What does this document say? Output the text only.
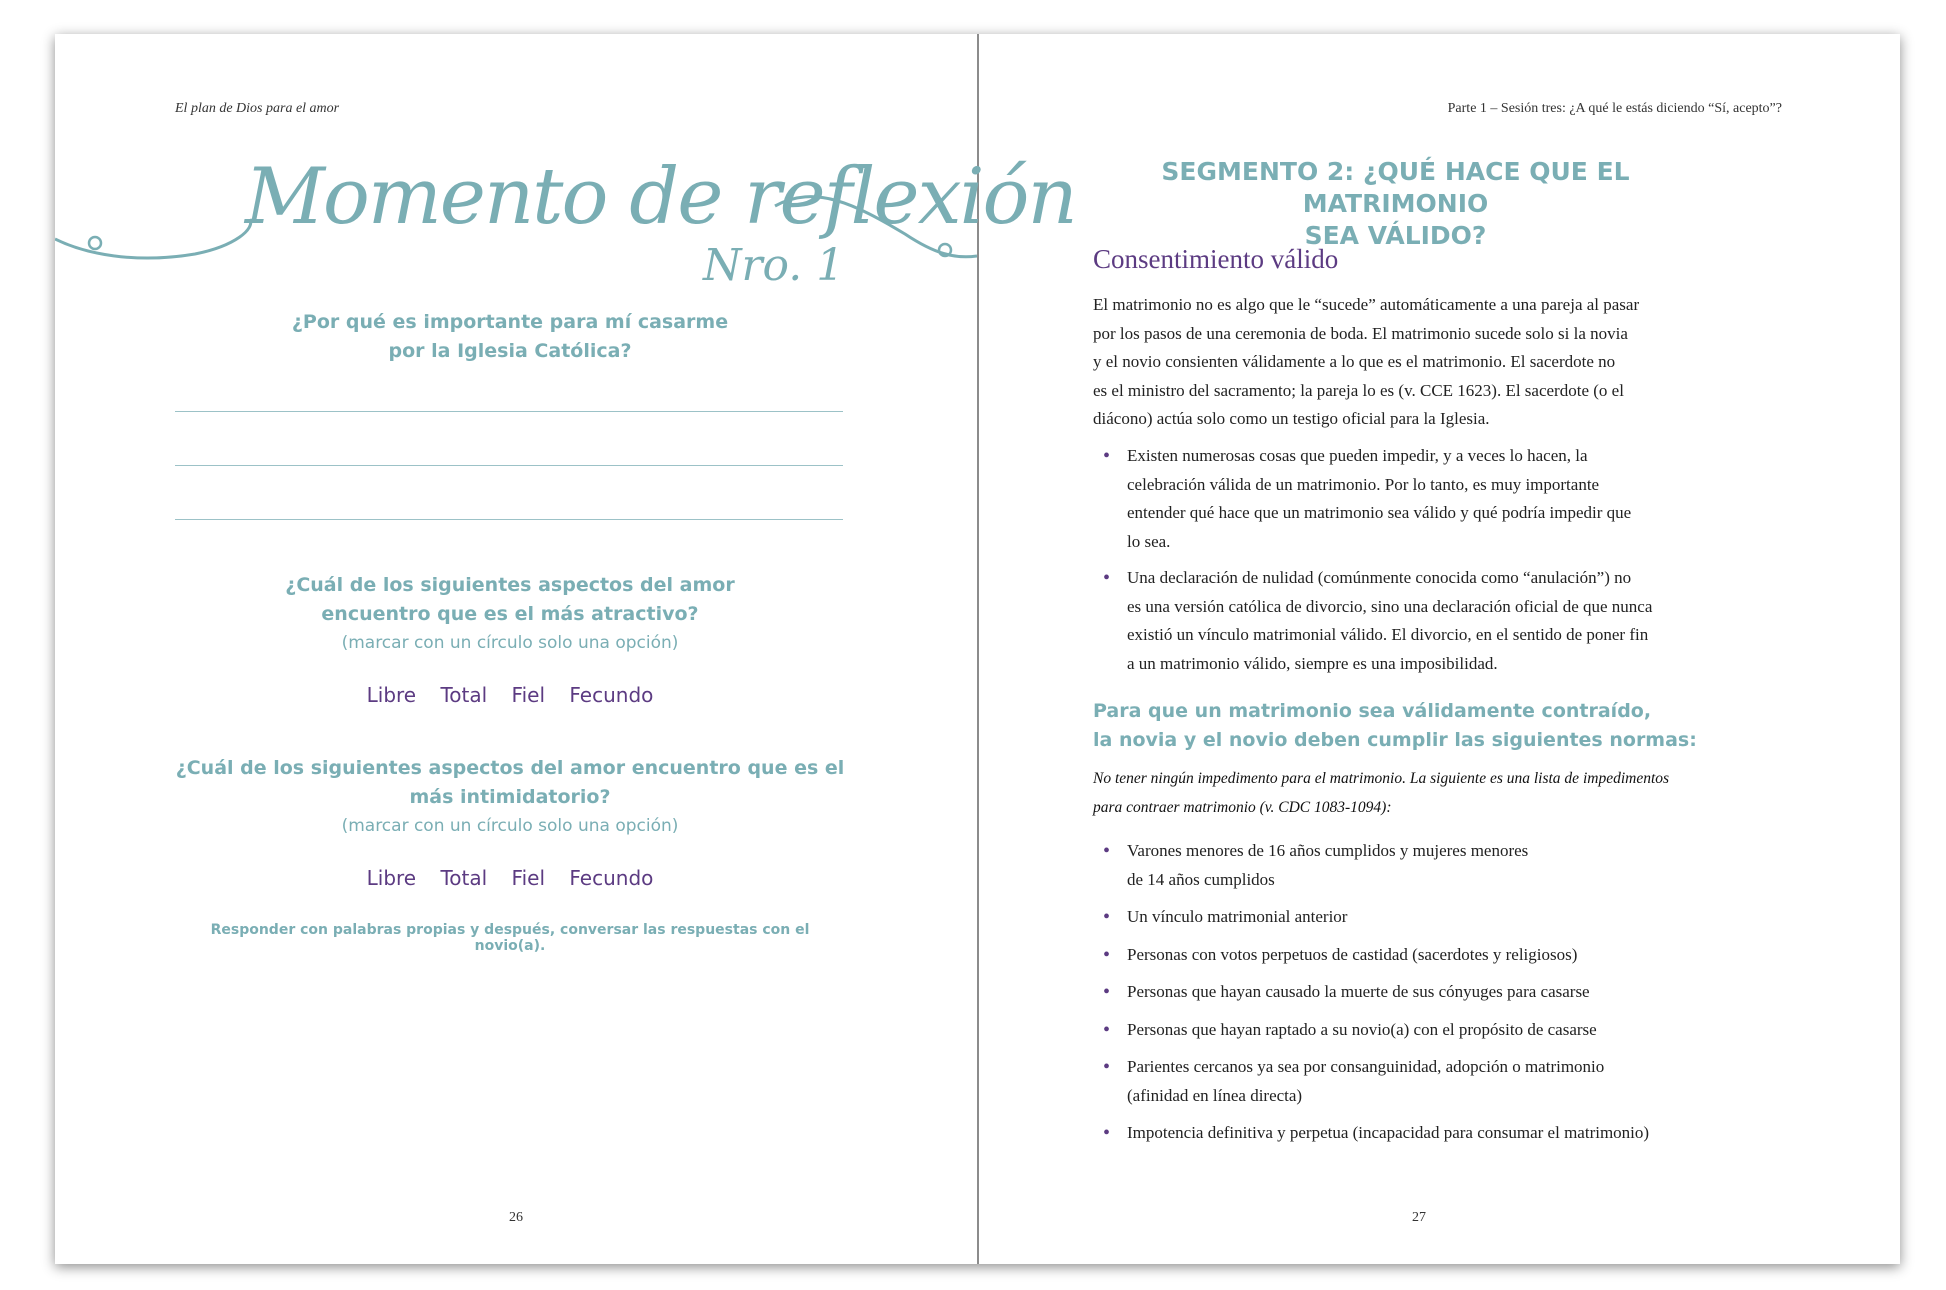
El plan de Dios para el amor
Momento de reflexión
Nro. 1
¿Por qué es importante para mí casarme
por la Iglesia Católica?
¿Cuál de los siguientes aspectos del amor
encuentro que es el más atractivo?
(marcar con un círculo solo una opción)
Libre Total Fiel Fecundo
¿Cuál de los siguientes aspectos del amor encuentro que es el
más intimidatorio?
(marcar con un círculo solo una opción)
Libre Total Fiel Fecundo
Responder con palabras propias y después, conversar las respuestas con el novio(a).
26
Parte 1 – Sesión tres: ¿A qué le estás diciendo “Sí, acepto”?
SEGMENTO 2: ¿QUÉ HACE QUE EL MATRIMONIO
SEA VÁLIDO?
Consentimiento válido
El matrimonio no es algo que le “sucede” automáticamente a una pareja al pasar
por los pasos de una ceremonia de boda. El matrimonio sucede solo si la novia
y el novio consienten válidamente a lo que es el matrimonio. El sacerdote no
es el ministro del sacramento; la pareja lo es (v. CCE 1623). El sacerdote (o el
diácono) actúa solo como un testigo oficial para la Iglesia.
• Existen numerosas cosas que pueden impedir, y a veces lo hacen, la
celebración válida de un matrimonio. Por lo tanto, es muy importante
entender qué hace que un matrimonio sea válido y qué podría impedir que
lo sea.
• Una declaración de nulidad (comúnmente conocida como “anulación”) no
es una versión católica de divorcio, sino una declaración oficial de que nunca
existió un vínculo matrimonial válido. El divorcio, en el sentido de poner fin
a un matrimonio válido, siempre es una imposibilidad.
Para que un matrimonio sea válidamente contraído,
la novia y el novio deben cumplir las siguientes normas:
No tener ningún impedimento para el matrimonio. La siguiente es una lista de impedimentos
para contraer matrimonio (v. CDC 1083-1094):
• Varones menores de 16 años cumplidos y mujeres menores
de 14 años cumplidos
• Un vínculo matrimonial anterior
• Personas con votos perpetuos de castidad (sacerdotes y religiosos)
• Personas que hayan causado la muerte de sus cónyuges para casarse
• Personas que hayan raptado a su novio(a) con el propósito de casarse
• Parientes cercanos ya sea por consanguinidad, adopción o matrimonio
(afinidad en línea directa)
• Impotencia definitiva y perpetua (incapacidad para consumar el matrimonio)
27
